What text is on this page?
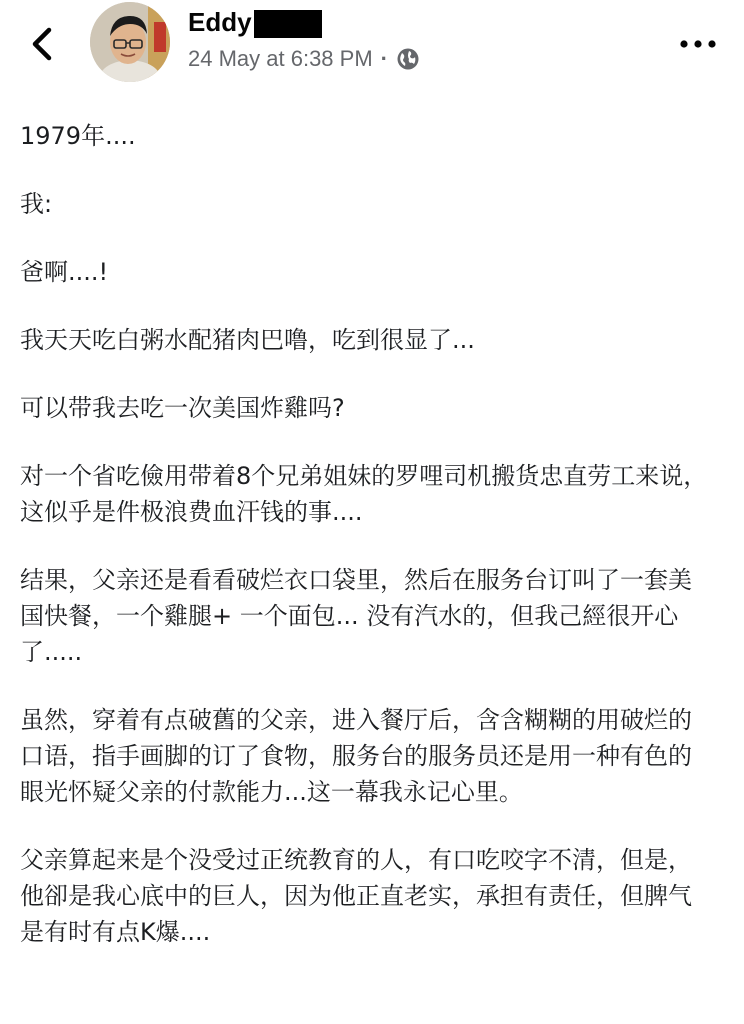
Eddy
24 May at 6:38 PM ·

1979年....

我:

爸啊....!

我天天吃白粥水配猪肉巴噜，吃到很显了...

可以带我去吃一次美国炸雞吗?

对一个省吃儉用带着8个兄弟姐妹的罗哩司机搬货忠直劳工来说，这似乎是件极浪费血汗钱的事....

结果，父亲还是看看破烂衣口袋里，然后在服务台订叫了一套美国快餐，一个雞腿+ 一个面包... 没有汽水的，但我己經很开心了.....

虽然，穿着有点破舊的父亲，进入餐厅后，含含糊糊的用破烂的口语，指手画脚的订了食物，服务台的服务员还是用一种有色的眼光怀疑父亲的付款能力...这一幕我永记心里。

父亲算起来是个没受过正统教育的人，有口吃咬字不清，但是，他卻是我心底中的巨人，因为他正直老实，承担有责任，但脾气是有时有点K爆....
